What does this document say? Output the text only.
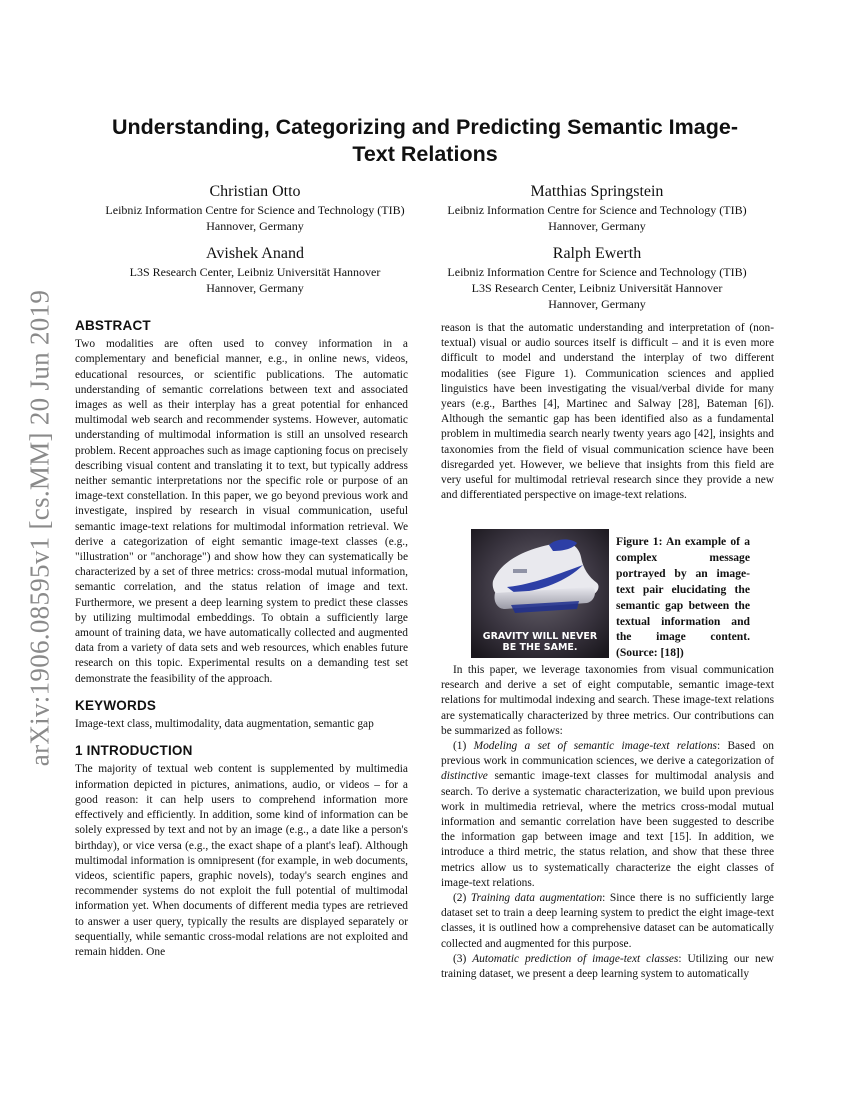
arXiv:1906.08595v1 [cs.MM] 20 Jun 2019
Understanding, Categorizing and Predicting Semantic Image-Text Relations
Christian Otto
Leibniz Information Centre for Science and Technology (TIB)
Hannover, Germany
Matthias Springstein
Leibniz Information Centre for Science and Technology (TIB)
Hannover, Germany
Avishek Anand
L3S Research Center, Leibniz Universität Hannover
Hannover, Germany
Ralph Ewerth
Leibniz Information Centre for Science and Technology (TIB)
L3S Research Center, Leibniz Universität Hannover
Hannover, Germany
ABSTRACT

Two modalities are often used to convey information in a complementary and beneficial manner, e.g., in online news, videos, educational resources, or scientific publications. The automatic understanding of semantic correlations between text and associated images as well as their interplay has a great potential for enhanced multimodal web search and recommender systems. However, automatic understanding of multimodal information is still an unsolved research problem. Recent approaches such as image captioning focus on precisely describing visual content and translating it to text, but typically address neither semantic interpretations nor the specific role or purpose of an image-text constellation. In this paper, we go beyond previous work and investigate, inspired by research in visual communication, useful semantic image-text relations for multimodal information retrieval. We derive a categorization of eight semantic image-text classes (e.g., "illustration" or "anchorage") and show how they can systematically be characterized by a set of three metrics: cross-modal mutual information, semantic correlation, and the status relation of image and text. Furthermore, we present a deep learning system to predict these classes by utilizing multimodal embeddings. To obtain a sufficiently large amount of training data, we have automatically collected and augmented data from a variety of data sets and web resources, which enables future research on this topic. Experimental results on a demanding test set demonstrate the feasibility of the approach.

KEYWORDS

Image-text class, multimodality, data augmentation, semantic gap

1 INTRODUCTION

The majority of textual web content is supplemented by multimedia information depicted in pictures, animations, audio, or videos – for a good reason: it can help users to comprehend information more effectively and efficiently. In addition, some kind of information can be solely expressed by text and not by an image (e.g., a date like a person's birthday), or vice versa (e.g., the exact shape of a plant's leaf). Although multimodal information is omnipresent (for example, in web documents, videos, scientific papers, graphic novels), today's search engines and recommender systems do not exploit the full potential of multimodal information yet. When documents of different media types are retrieved to answer a user query, typically the results are displayed separately or sequentially, while semantic cross-modal relations are not exploited and remain hidden. One

reason is that the automatic understanding and interpretation of (non-textual) visual or audio sources itself is difficult – and it is even more difficult to model and understand the interplay of two different modalities (see Figure 1). Communication sciences and applied linguistics have been investigating the visual/verbal divide for many years (e.g., Barthes [4], Martinec and Salway [28], Bateman [6]). Although the semantic gap has been identified also as a fundamental problem in multimedia search nearly twenty years ago [42], insights and taxonomies from the field of visual communication science have been disregarded yet. However, we believe that insights from this field are very useful for multimodal retrieval research since they provide a new and differentiated perspective on image-text relations.

GRAVITY WILL NEVER
BE THE SAME.
Figure 1: An example of a complex message portrayed by an image-text pair elucidating the semantic gap between the textual information and the image content. (Source: [18])

In this paper, we leverage taxonomies from visual communication research and derive a set of eight computable, semantic image-text relations for multimodal indexing and search. These image-text relations are systematically characterized by three metrics. Our contributions can be summarized as follows:

(1) Modeling a set of semantic image-text relations: Based on previous work in communication sciences, we derive a categorization of distinctive semantic image-text classes for multimodal analysis and search. To derive a systematic characterization, we build upon previous work in multimedia retrieval, where the metrics cross-modal mutual information and semantic correlation have been suggested to describe the information gap between image and text [15]. In addition, we introduce a third metric, the status relation, and show that these three metrics allow us to systematically characterize the eight classes of image-text relations.

(2) Training data augmentation: Since there is no sufficiently large dataset set to train a deep learning system to predict the eight image-text classes, it is outlined how a comprehensive dataset can be automatically collected and augmented for this purpose.

(3) Automatic prediction of image-text classes: Utilizing our new training dataset, we present a deep learning system to automatically
